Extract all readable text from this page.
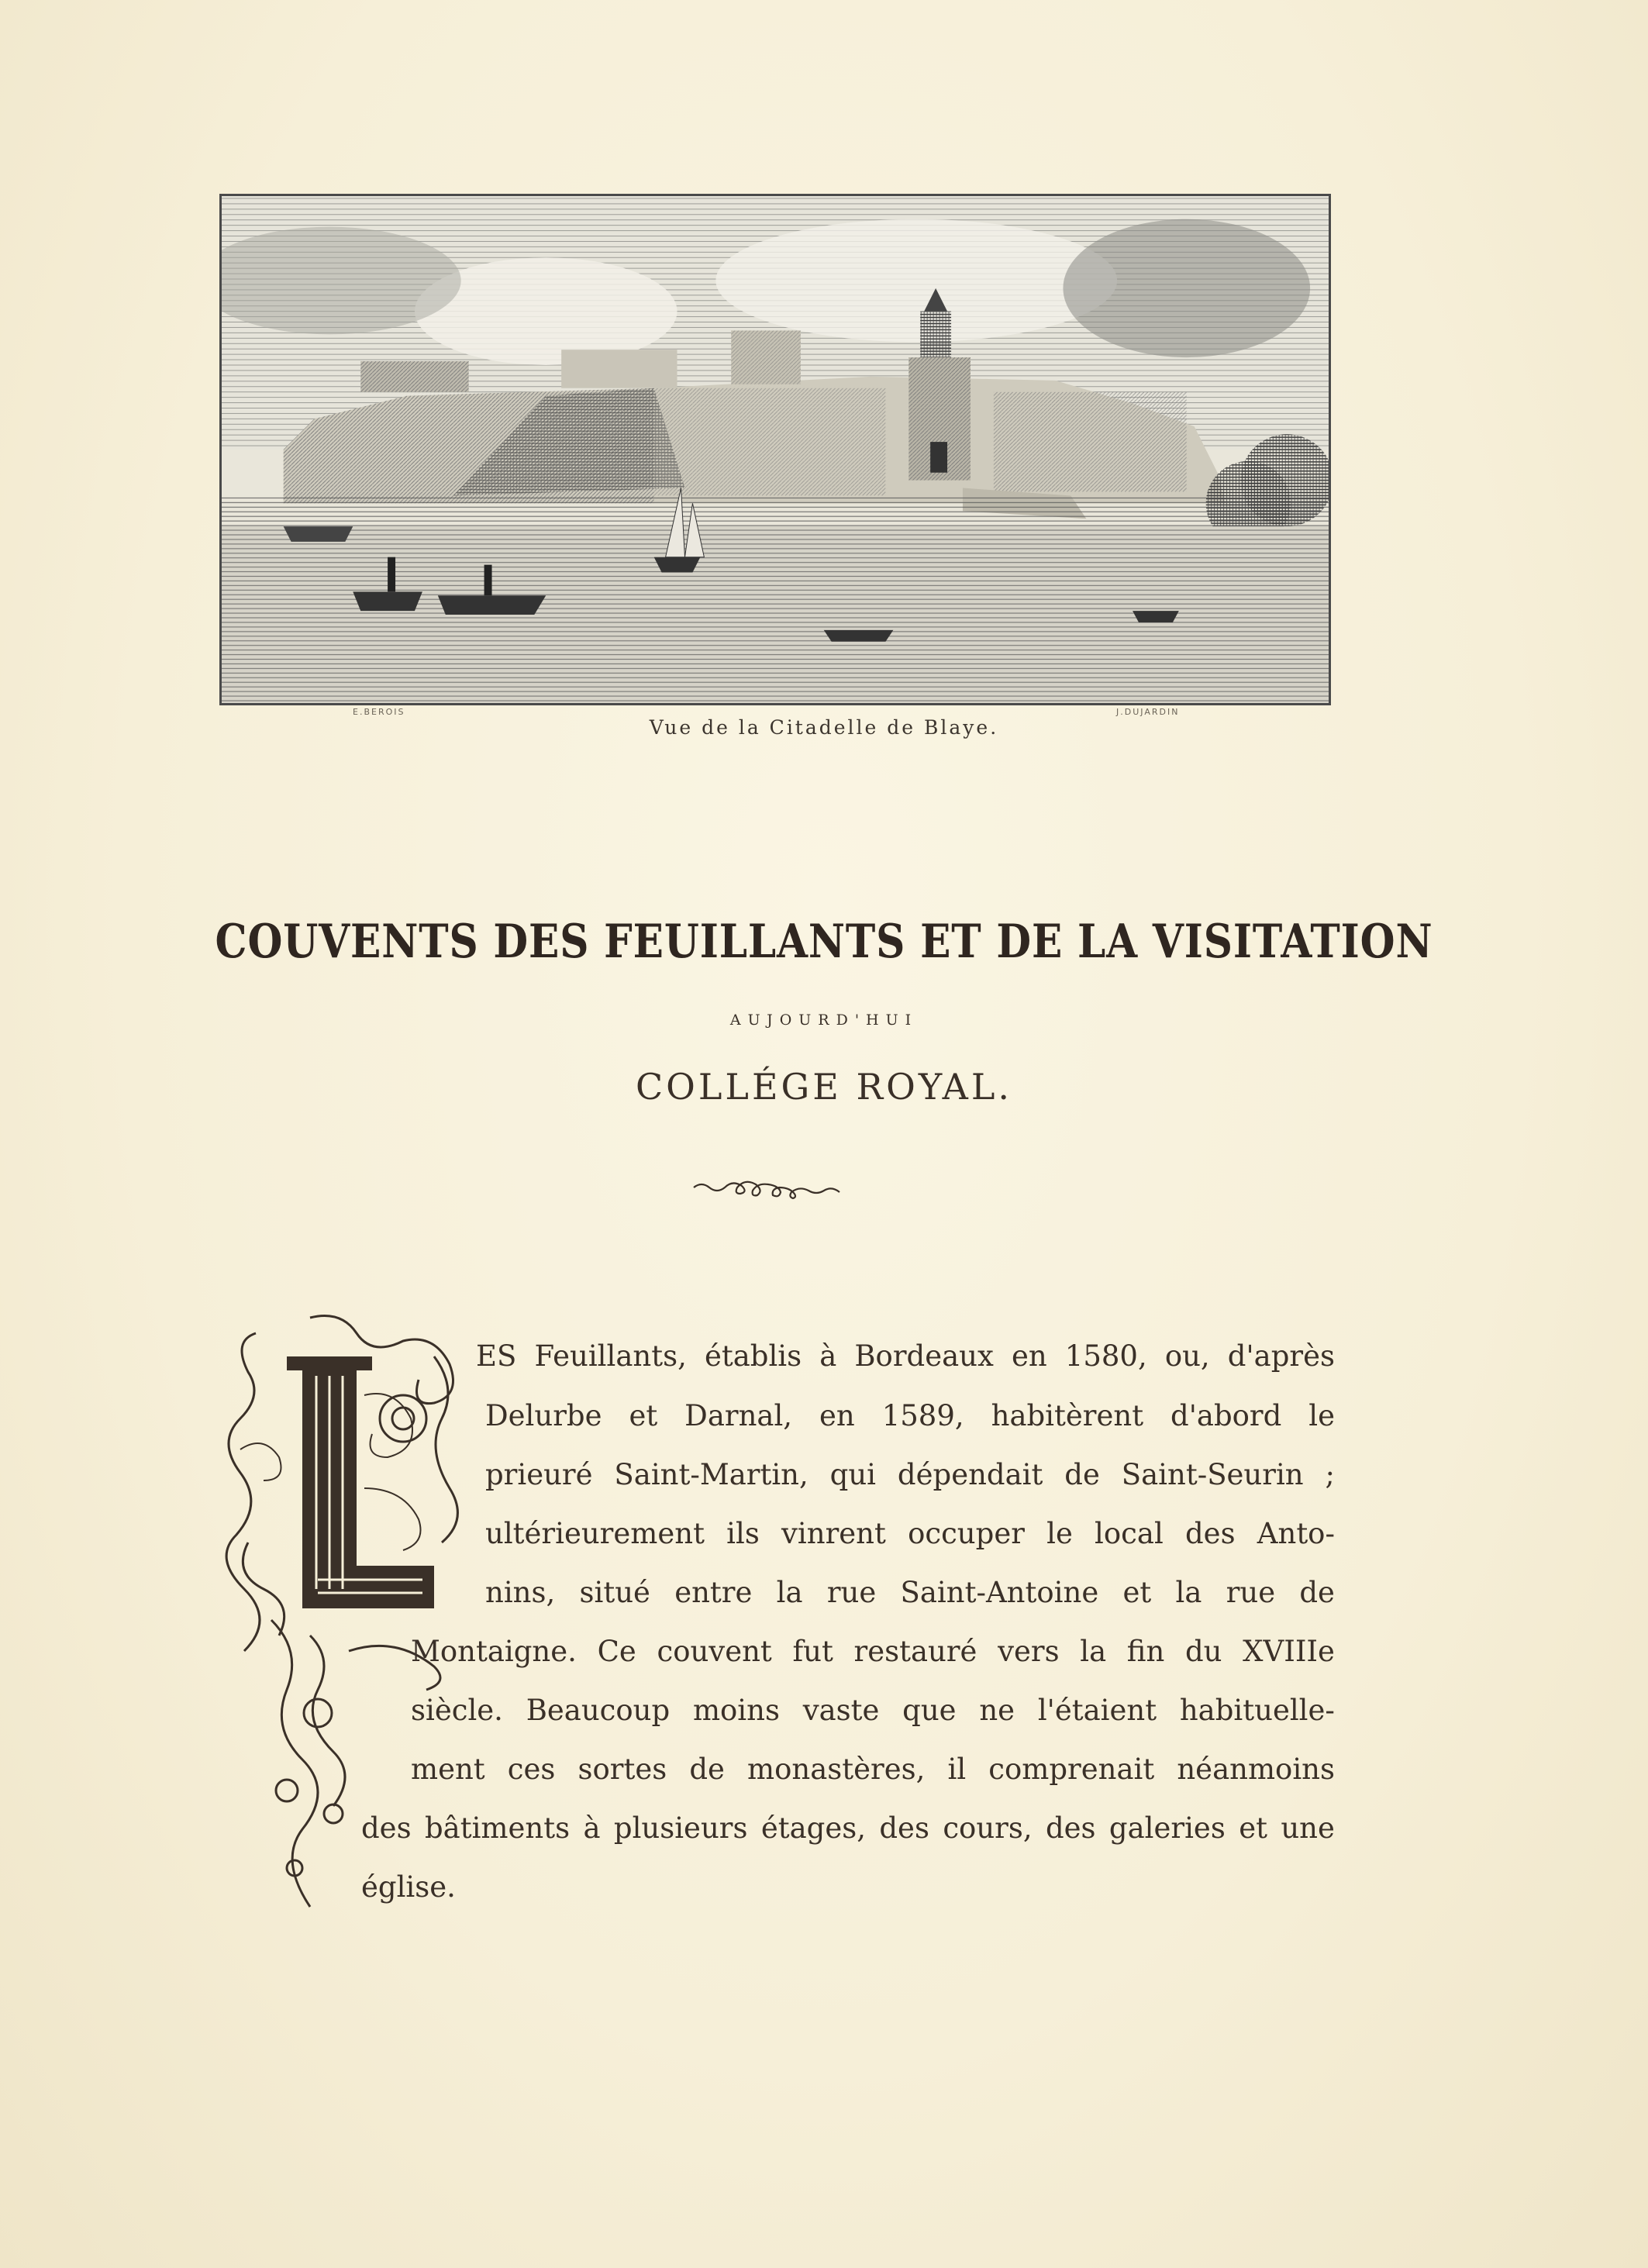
E.BEROIS	J.DUJARDIN
Vue de la Citadelle de Blaye.
COUVENTS DES FEUILLANTS ET DE LA VISITATION
AUJOURD'HUI
COLLÉGE ROYAL.
ES Feuillants, établis à Bordeaux en 1580, ou, d'après
Delurbe et Darnal, en 1589, habitèrent d'abord le
prieuré Saint-Martin, qui dépendait de Saint-Seurin ;
ultérieurement ils vinrent occuper le local des Anto-
nins, situé entre la rue Saint-Antoine et la rue de
Montaigne. Ce couvent fut restauré vers la fin du XVIIIe
siècle. Beaucoup moins vaste que ne l'étaient habituelle-
ment ces sortes de monastères, il comprenait néanmoins
des bâtiments à plusieurs étages, des cours, des galeries et une
église.
